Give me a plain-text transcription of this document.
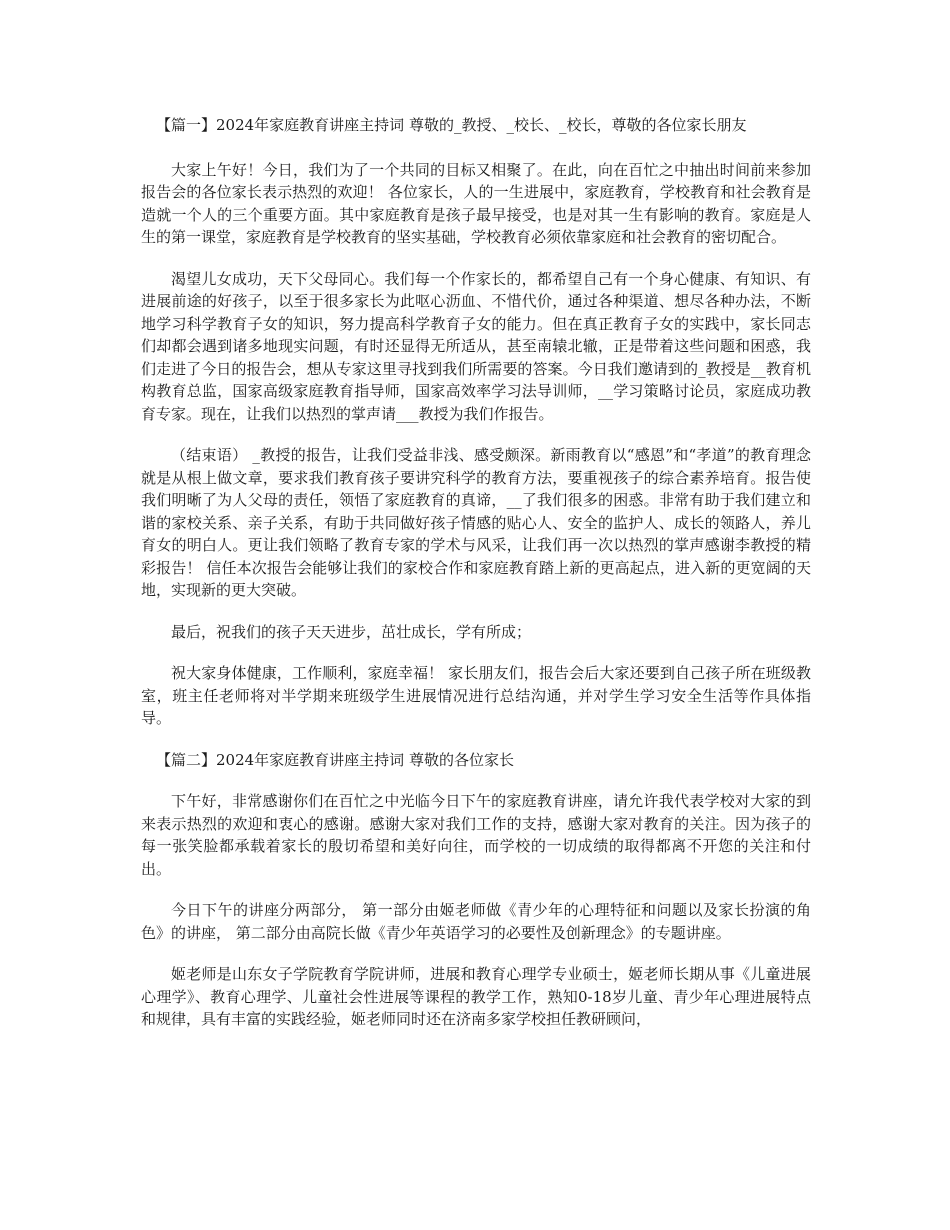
【篇一】2024年家庭教育讲座主持词 尊敬的_教授、_校长、_校长，尊敬的各位家长朋友

大家上午好！今日，我们为了一个共同的目标又相聚了。在此，向在百忙之中抽出时间前来参加报告会的各位家长表示热烈的欢迎！ 各位家长，人的一生进展中，家庭教育，学校教育和社会教育是造就一个人的三个重要方面。其中家庭教育是孩子最早接受，也是对其一生有影响的教育。家庭是人生的第一课堂，家庭教育是学校教育的坚实基础，学校教育必须依靠家庭和社会教育的密切配合。

渴望儿女成功，天下父母同心。我们每一个作家长的，都希望自己有一个身心健康、有知识、有进展前途的好孩子，以至于很多家长为此呕心沥血、不惜代价，通过各种渠道、想尽各种办法，不断地学习科学教育子女的知识，努力提高科学教育子女的能力。但在真正教育子女的实践中，家长同志们却都会遇到诸多地现实问题，有时还显得无所适从，甚至南辕北辙，正是带着这些问题和困惑，我们走进了今日的报告会，想从专家这里寻找到我们所需要的答案。今日我们邀请到的_教授是__教育机构教育总监，国家高级家庭教育指导师，国家高效率学习法导训师，__学习策略讨论员，家庭成功教育专家。现在，让我们以热烈的掌声请___教授为我们作报告。

（结束语） _教授的报告，让我们受益非浅、感受颇深。新雨教育以“感恩”和“孝道”的教育理念就是从根上做文章，要求我们教育孩子要讲究科学的教育方法，要重视孩子的综合素养培育。报告使我们明晰了为人父母的责任，领悟了家庭教育的真谛，__了我们很多的困惑。非常有助于我们建立和谐的家校关系、亲子关系，有助于共同做好孩子情感的贴心人、安全的监护人、成长的领路人，养儿育女的明白人。更让我们领略了教育专家的学术与风采，让我们再一次以热烈的掌声感谢李教授的精彩报告！ 信任本次报告会能够让我们的家校合作和家庭教育踏上新的更高起点，进入新的更宽阔的天地，实现新的更大突破。

最后，祝我们的孩子天天进步，茁壮成长，学有所成；

祝大家身体健康，工作顺利，家庭幸福！ 家长朋友们，报告会后大家还要到自己孩子所在班级教室，班主任老师将对半学期来班级学生进展情况进行总结沟通，并对学生学习安全生活等作具体指导。

【篇二】2024年家庭教育讲座主持词 尊敬的各位家长

下午好，非常感谢你们在百忙之中光临今日下午的家庭教育讲座，请允许我代表学校对大家的到来表示热烈的欢迎和衷心的感谢。感谢大家对我们工作的支持，感谢大家对教育的关注。因为孩子的每一张笑脸都承载着家长的殷切希望和美好向往，而学校的一切成绩的取得都离不开您的关注和付出。

今日下午的讲座分两部分， 第一部分由姬老师做《青少年的心理特征和问题以及家长扮演的角色》的讲座， 第二部分由高院长做《青少年英语学习的必要性及创新理念》的专题讲座。

姬老师是山东女子学院教育学院讲师，进展和教育心理学专业硕士，姬老师长期从事《儿童进展心理学》、教育心理学、儿童社会性进展等课程的教学工作，熟知0-18岁儿童、青少年心理进展特点和规律，具有丰富的实践经验，姬老师同时还在济南多家学校担任教研顾问，
